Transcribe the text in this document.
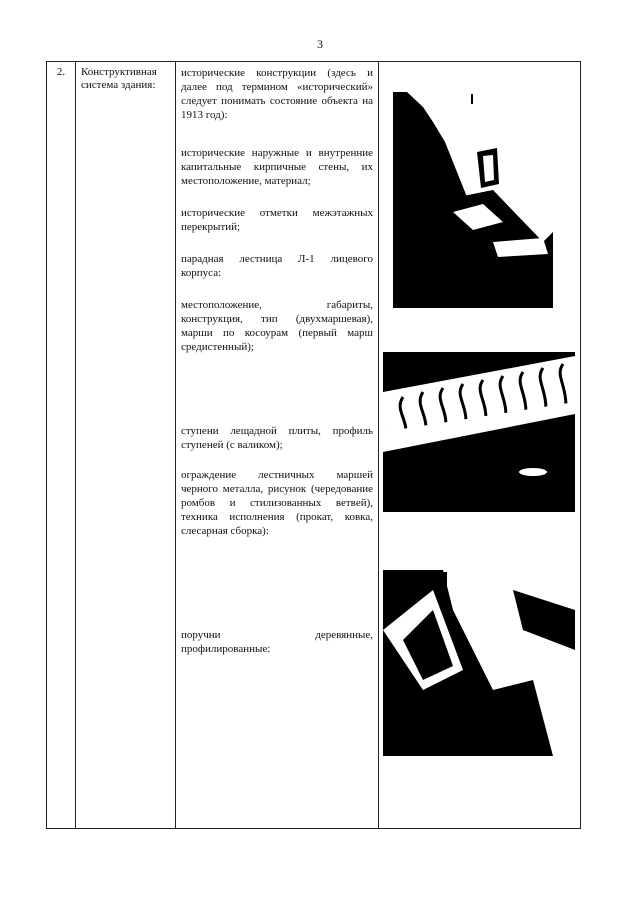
3
2.	Конструктивная система здания:
исторические конструкции (здесь и далее под термином «исторический» следует понимать состояние объекта на 1913 год):
исторические наружные и внутренние капитальные кирпичные стены, их местоположение, материал;
исторические отметки межэтажных перекрытий;
парадная лестница Л-1 лицевого корпуса:
местоположение, габариты, конструкция, тип (двухмаршевая), марши по косоурам (первый марш средистенный);
ступени лещадной плиты, профиль ступеней (с валиком);
ограждение лестничных маршей черного металла, рисунок (чередование ромбов и стилизованных ветвей), техника исполнения (прокат, ковка, слесарная сборка):
поручни деревянные, профилированные:
